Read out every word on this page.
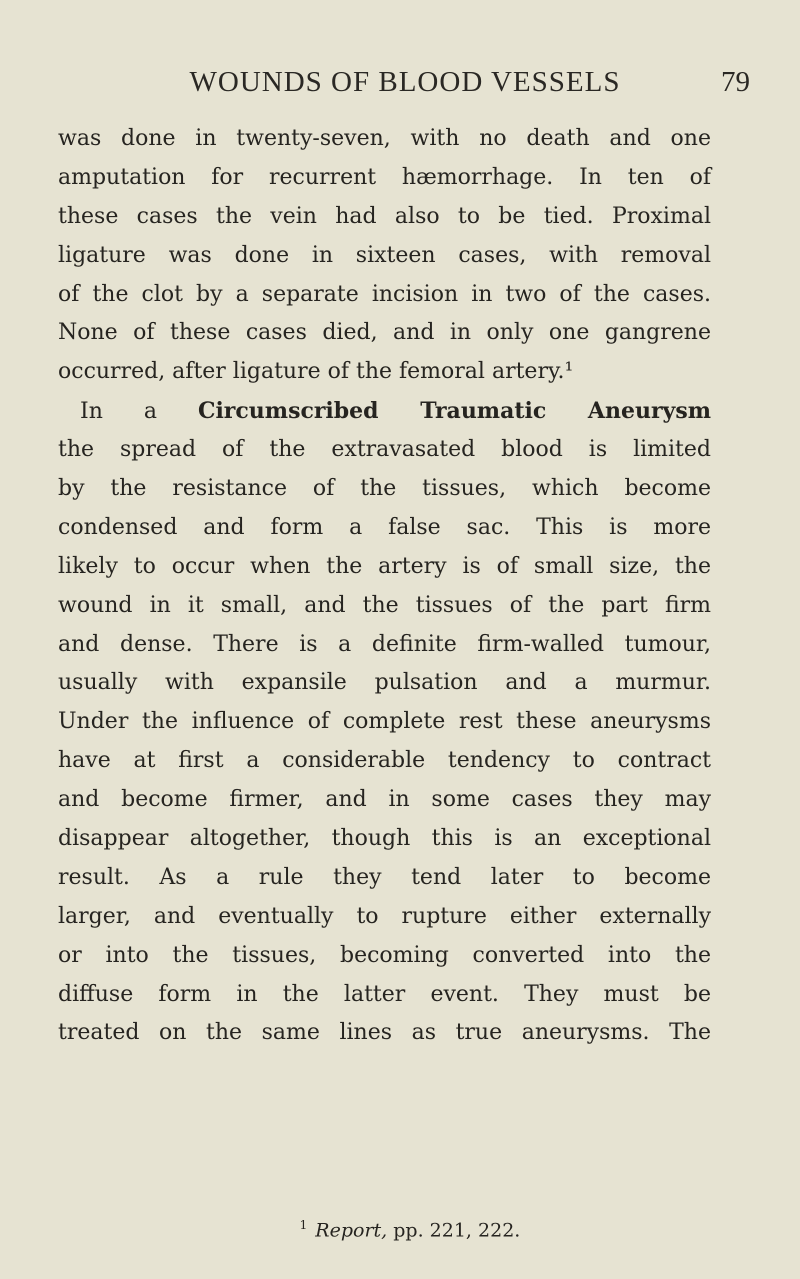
WOUNDS OF BLOOD VESSELS	79
was done in twenty-seven, with no death and one
amputation for recurrent hæmorrhage. In ten of
these cases the vein had also to be tied. Proximal
ligature was done in sixteen cases, with removal
of the clot by a separate incision in two of the cases.
None of these cases died, and in only one gangrene
occurred, after ligature of the femoral artery.¹
In a Circumscribed Traumatic Aneurysm
the spread of the extravasated blood is limited
by the resistance of the tissues, which become
condensed and form a false sac. This is more
likely to occur when the artery is of small size, the
wound in it small, and the tissues of the part firm
and dense. There is a definite firm-walled tumour,
usually with expansile pulsation and a murmur.
Under the influence of complete rest these aneurysms
have at first a considerable tendency to contract
and become firmer, and in some cases they may
disappear altogether, though this is an exceptional
result. As a rule they tend later to become
larger, and eventually to rupture either externally
or into the tissues, becoming converted into the
diffuse form in the latter event. They must be
treated on the same lines as true aneurysms. The
$^1$ Report, pp. 221, 222.
